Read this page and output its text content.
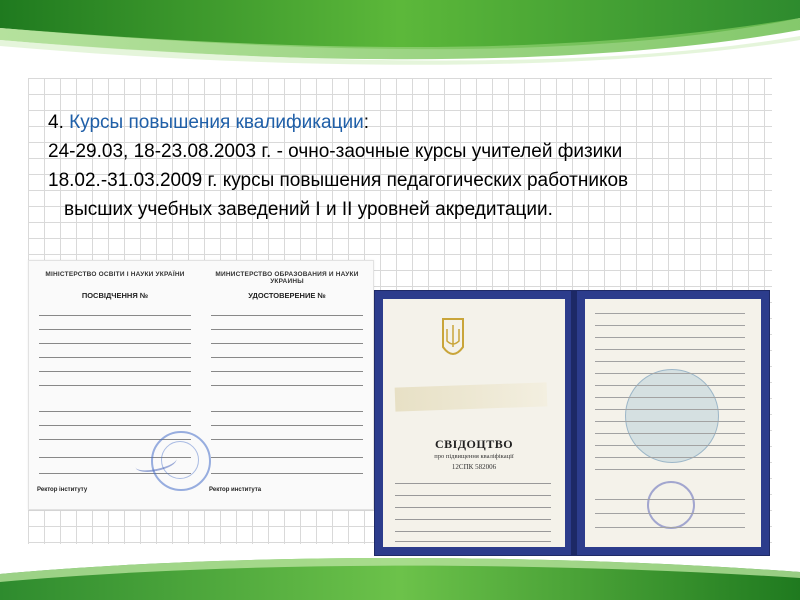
4. Курсы повышения квалификации:

24-29.03, 18-23.08.2003 г. - очно-заочные курсы учителей физики

18.02.-31.03.2009 г. курсы повышения педагогических работников

высших учебных заведений I и II уровней акредитации.

МІНІСТЕРСТВО ОСВІТИ І НАУКИ УКРАЇНИ
ПОСВІДЧЕННЯ №
Ректор інституту
МИНИСТЕРСТВО ОБРАЗОВАНИЯ И НАУКИ УКРАИНЫ
УДОСТОВЕРЕНИЕ №
Ректор института
СВІДОЦТВО
про підвищення кваліфікації
12СПК 582006
